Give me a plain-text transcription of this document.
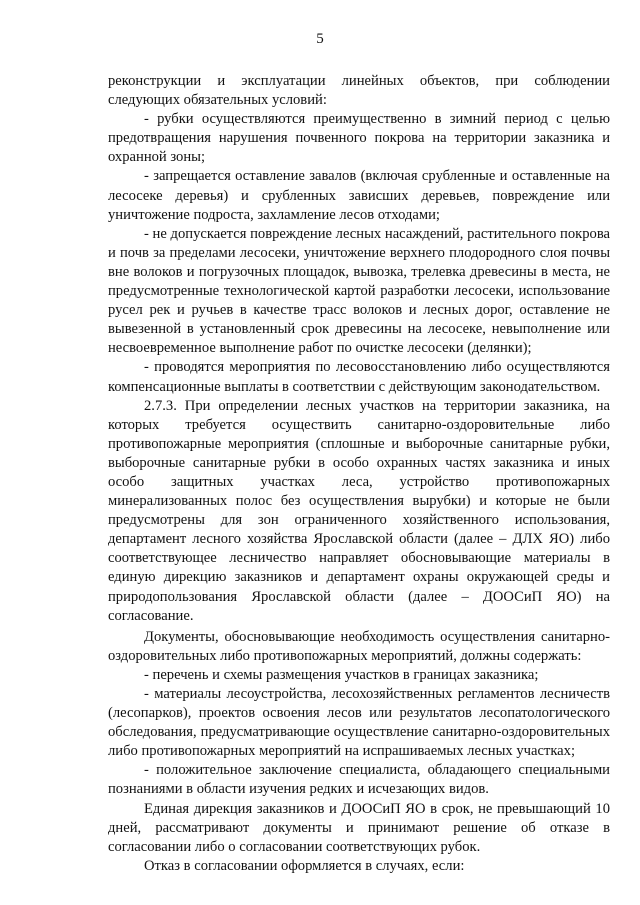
5

реконструкции и эксплуатации линейных объектов, при соблюдении следующих обязательных условий:

- рубки осуществляются преимущественно в зимний период с целью предотвращения нарушения почвенного покрова на территории заказника и охранной зоны;

- запрещается оставление завалов (включая срубленные и оставленные на лесосеке деревья) и срубленных зависших деревьев, повреждение или уничтожение подроста, захламление лесов отходами;

- не допускается повреждение лесных насаждений, растительного покрова и почв за пределами лесосеки, уничтожение верхнего плодородного слоя почвы вне волоков и погрузочных площадок, вывозка, трелевка древесины в места, не предусмотренные технологической картой разработки лесосеки, использование русел рек и ручьев в качестве трасс волоков и лесных дорог, оставление не вывезенной в установленный срок древесины на лесосеке, невыполнение или несвоевременное выполнение работ по очистке лесосеки (делянки);

- проводятся мероприятия по лесовосстановлению либо осуществляются компенсационные выплаты в соответствии с действующим законодательством.

2.7.3. При определении лесных участков на территории заказника, на которых требуется осуществить санитарно-оздоровительные либо противопожарные мероприятия (сплошные и выборочные санитарные рубки, выборочные санитарные рубки в особо охранных частях заказника и иных особо защитных участках леса, устройство противопожарных минерализованных полос без осуществления вырубки) и которые не были предусмотрены для зон ограниченного хозяйственного использования, департамент лесного хозяйства Ярославской области (далее – ДЛХ ЯО) либо соответствующее лесничество направляет обосновывающие материалы в единую дирекцию заказников и департамент охраны окружающей среды и природопользования Ярославской области (далее – ДООСиП ЯО) на согласование.

Документы, обосновывающие необходимость осуществления санитарно-оздоровительных либо противопожарных мероприятий, должны содержать:

- перечень и схемы размещения участков в границах заказника;

- материалы лесоустройства, лесохозяйственных регламентов лесничеств (лесопарков), проектов освоения лесов или результатов лесопатологического обследования, предусматривающие осуществление санитарно-оздоровительных либо противопожарных мероприятий на испрашиваемых лесных участках;

- положительное заключение специалиста, обладающего специальными познаниями в области изучения редких и исчезающих видов.

Единая дирекция заказников и ДООСиП ЯО в срок, не превышающий 10 дней, рассматривают документы и принимают решение об отказе в согласовании либо о согласовании соответствующих рубок.

Отказ в согласовании оформляется в случаях, если:
